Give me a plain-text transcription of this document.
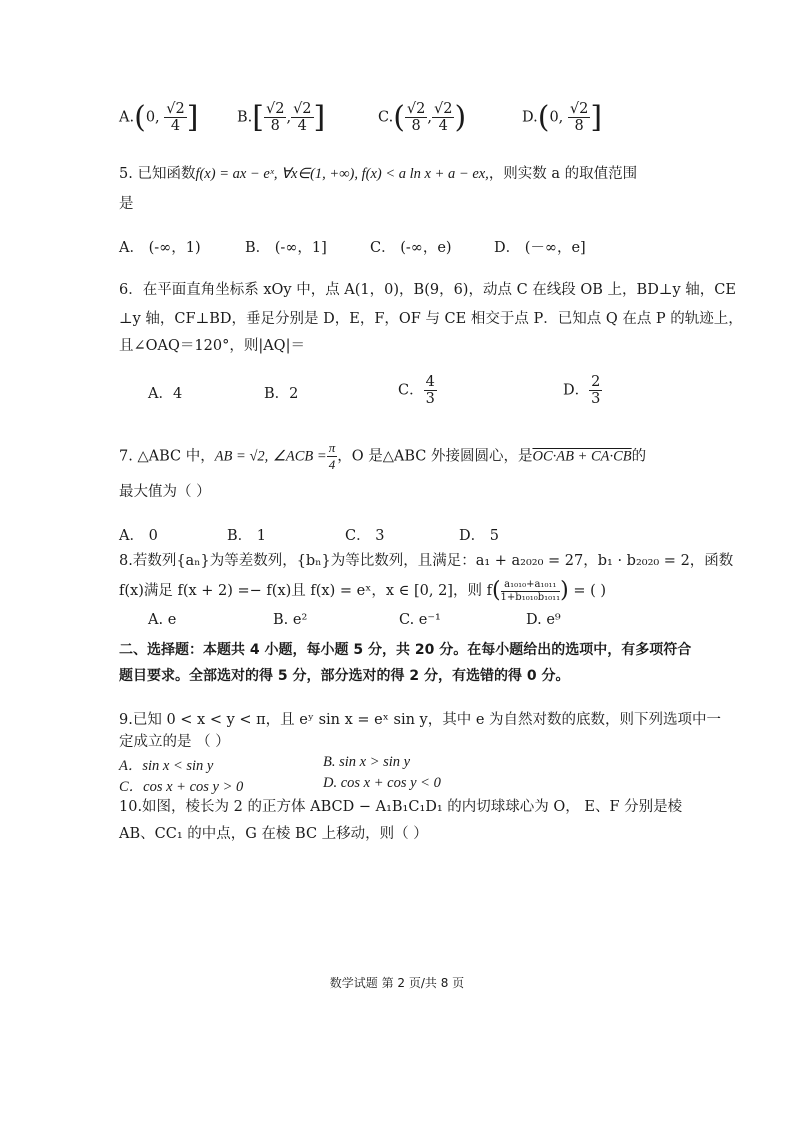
A.(0, $\frac{√2}{4}$ ]	$B.[ \frac{√2}{8}$ , $\frac{√2}{4}$ ]	$C.( \frac{√2}{8}$ , $\frac{√2}{4}$ )	D.(0, $\frac{√2}{8}$ ]
5. 已知函数f(x) = ax − eˣ, ∀x∈(1, +∞), f(x) < a ln x + a − ex,，则实数 a 的取值范围
是
A． (-∞，1)	B． (-∞，1]	C． (-∞，e)	D． (－∞，e]
6．在平面直角坐标系 xOy 中，点 A(1，0)，B(9，6)，动点 C 在线段 OB 上，BD⊥y 轴，CE
⊥y 轴，CF⊥BD，垂足分别是 D，E，F，OF 与 CE 相交于点 P．已知点 Q 在点 P 的轨迹上，
且∠OAQ＝120°，则|AQ|＝
A．4	B．2	C． $\frac{4}{3}$	D． $\frac{2}{3}$
7. △ABC 中，AB = √2, ∠ACB = $\frac{\pi}{4}$ ，O 是△ABC 外接圆圆心，是OC·AB + CA·CB的
最大值为（ ）
A． 0	B． 1	C． 3	D． 5
8.若数列{aₙ}为等差数列，{bₙ}为等比数列，且满足：a₁ + a₂₀₂₀ = 27，b₁ · b₂₀₂₀ = 2，函数
f(x)满足 f(x + 2) =− f(x)且 f(x) = eˣ，x ∈ [0, 2]，则 $f( \frac{\text{a₁₀₁₀+a₁₀₁₁}}{\text{1+b₁₀₁₀b₁₀₁₁}}$ ) = ( )
A. e	B. e²	C. e⁻¹	D. e⁹
二、选择题：本题共 4 小题，每小题 5 分，共 20 分。在每小题给出的选项中，有多项符合
题目要求。全部选对的得 5 分，部分选对的得 2 分，有选错的得 0 分。
9.已知 0 < x < y < π，且 eʸ sin x = eˣ sin y，其中 e 为自然对数的底数，则下列选项中一
定成立的是 （ ）
A．sin x < sin y	B. sin x > sin y
C．cos x + cos y > 0	D. cos x + cos y < 0
10.如图，棱长为 2 的正方体 ABCD − A₁B₁C₁D₁ 的内切球球心为 O， E、F 分别是棱
AB、CC₁ 的中点，G 在棱 BC 上移动，则（ ）
数学试题 第 2 页/共 8 页
